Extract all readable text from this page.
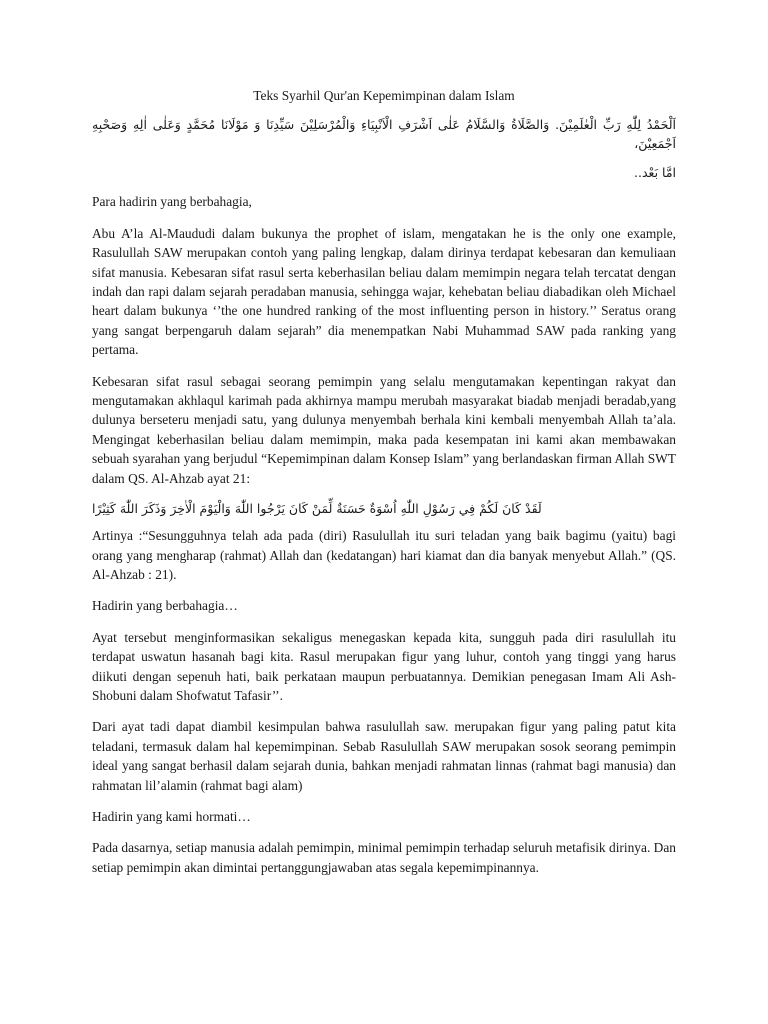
Teks Syarhil Qur'an Kepemimpinan dalam Islam

اَلْحَمْدُ لِلّٰهِ رَبِّ الْعٰلَمِيْنَ. وَالصَّلَاةُ وَالسَّلَامُ عَلٰى اَشْرَفِ الْاَنْبِيَاءِ وَالْمُرْسَلِيْنَ سَيِّدِنَا وَ مَوْلَانَا مُحَمَّدٍ وَعَلٰى اٰلِهِ وَصَحْبِهِ اَجْمَعِيْنَ،

امَّا بَعْد..

Para hadirin yang berbahagia,

Abu A’la Al-Maududi dalam bukunya the prophet of islam, mengatakan he is the only one example, Rasulullah SAW merupakan contoh yang paling lengkap, dalam dirinya terdapat kebesaran dan kemuliaan sifat manusia. Kebesaran sifat rasul serta keberhasilan beliau dalam memimpin negara telah tercatat dengan indah dan rapi dalam sejarah peradaban manusia, sehingga wajar, kehebatan beliau diabadikan oleh Michael heart dalam bukunya ‘’the one hundred ranking of the most influenting person in history.’’ Seratus orang yang sangat berpengaruh dalam sejarah” dia menempatkan Nabi Muhammad SAW pada ranking yang pertama.

Kebesaran sifat rasul sebagai seorang pemimpin yang selalu mengutamakan kepentingan rakyat dan mengutamakan akhlaqul karimah pada akhirnya mampu merubah masyarakat biadab menjadi beradab,yang dulunya berseteru menjadi satu, yang dulunya menyembah berhala kini kembali menyembah Allah ta’ala. Mengingat keberhasilan beliau dalam memimpin, maka pada kesempatan ini kami akan membawakan sebuah syarahan yang berjudul “Kepemimpinan dalam Konsep Islam” yang berlandaskan firman Allah SWT dalam QS. Al-Ahzab ayat 21:

لَقَدْ كَانَ لَكُمْ فِي رَسُوْلِ اللّٰهِ اُسْوَةٌ حَسَنَةٌ لِّمَنْ كَانَ يَرْجُوا اللّٰهَ وَالْيَوْمَ الْاٰخِرَ وَذَكَرَ اللّٰهَ كَثِيْرًا

Artinya :“Sesungguhnya telah ada pada (diri) Rasulullah itu suri teladan yang baik bagimu (yaitu) bagi orang yang mengharap (rahmat) Allah dan (kedatangan) hari kiamat dan dia banyak menyebut Allah.” (QS. Al-Ahzab : 21).

Hadirin yang berbahagia…

Ayat tersebut menginformasikan sekaligus menegaskan kepada kita, sungguh pada diri rasulullah itu terdapat uswatun hasanah bagi kita. Rasul merupakan figur yang luhur, contoh yang tinggi yang harus diikuti dengan sepenuh hati, baik perkataan maupun perbuatannya. Demikian penegasan Imam Ali Ash-Shobuni dalam Shofwatut Tafasir’’.

Dari ayat tadi dapat diambil kesimpulan bahwa rasulullah saw. merupakan figur yang paling patut kita teladani, termasuk dalam hal kepemimpinan. Sebab Rasulullah SAW merupakan sosok seorang pemimpin ideal yang sangat berhasil dalam sejarah dunia, bahkan menjadi rahmatan linnas (rahmat bagi manusia) dan rahmatan lil’alamin (rahmat bagi alam)

Hadirin yang kami hormati…

Pada dasarnya, setiap manusia adalah pemimpin, minimal pemimpin terhadap seluruh metafisik dirinya. Dan setiap pemimpin akan dimintai pertanggungjawaban atas segala kepemimpinannya.
